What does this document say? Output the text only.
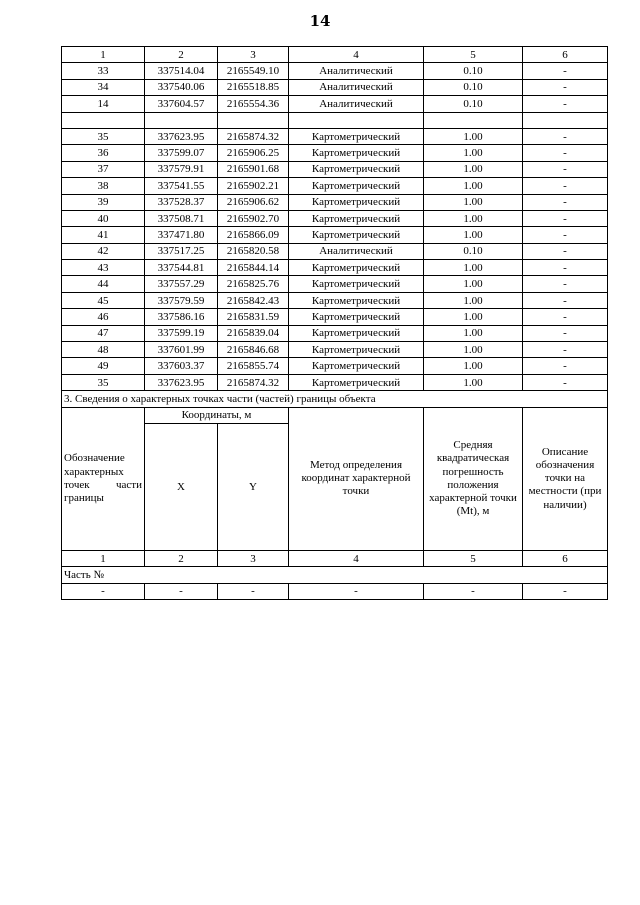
14
1	2	3	4	5	6
33	337514.04	2165549.10	Аналитический	0.10	-
34	337540.06	2165518.85	Аналитический	0.10	-
14	337604.57	2165554.36	Аналитический	0.10	-

35	337623.95	2165874.32	Картометрический	1.00	-
36	337599.07	2165906.25	Картометрический	1.00	-
37	337579.91	2165901.68	Картометрический	1.00	-
38	337541.55	2165902.21	Картометрический	1.00	-
39	337528.37	2165906.62	Картометрический	1.00	-
40	337508.71	2165902.70	Картометрический	1.00	-
41	337471.80	2165866.09	Картометрический	1.00	-
42	337517.25	2165820.58	Аналитический	0.10	-
43	337544.81	2165844.14	Картометрический	1.00	-
44	337557.29	2165825.76	Картометрический	1.00	-
45	337579.59	2165842.43	Картометрический	1.00	-
46	337586.16	2165831.59	Картометрический	1.00	-
47	337599.19	2165839.04	Картометрический	1.00	-
48	337601.99	2165846.68	Картометрический	1.00	-
49	337603.37	2165855.74	Картометрический	1.00	-
35	337623.95	2165874.32	Картометрический	1.00	-
3. Сведения о характерных точках части (частей) границы объекта					
Обозначение характерных точек части границы	Координаты, м		Метод определения координат характерной точки	Средняя квадратическая погрешность положения характерной точки (Mt), м	Описание обозначения точки на местности (при наличии)
	X	Y			
1	2	3	4	5	6
Часть №					
-	-	-	-	-	-
